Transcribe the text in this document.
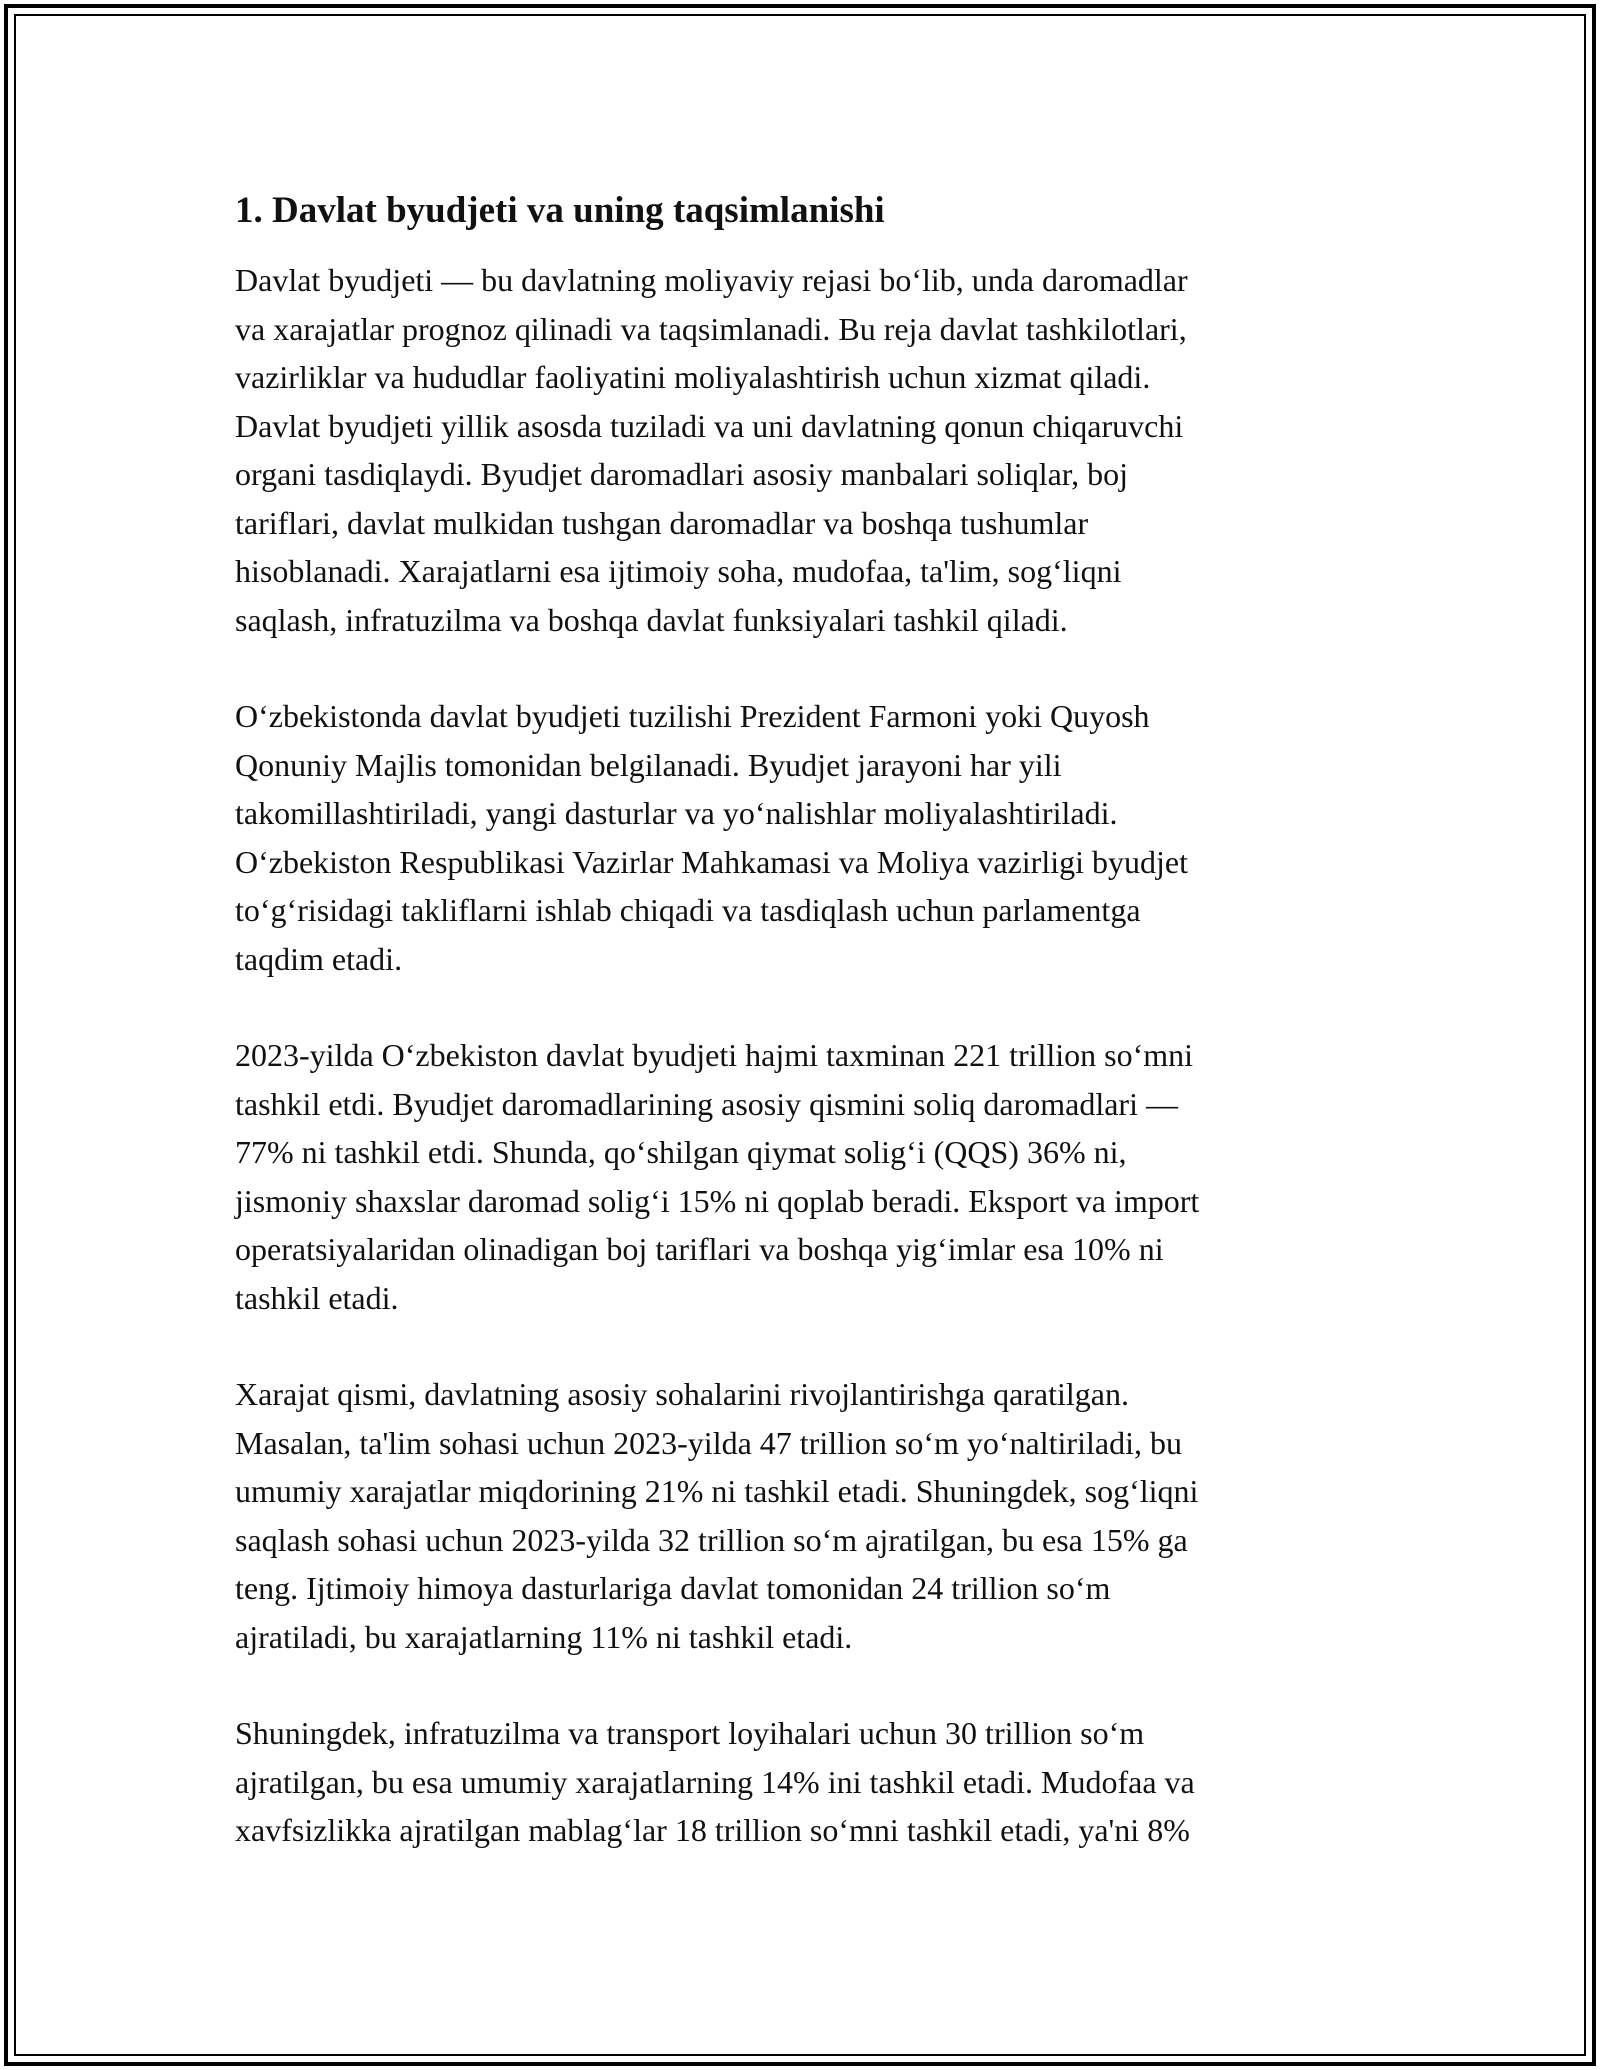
1. Davlat byudjeti va uning taqsimlanishi
Davlat byudjeti — bu davlatning moliyaviy rejasi bo‘lib, unda daromadlar
va xarajatlar prognoz qilinadi va taqsimlanadi. Bu reja davlat tashkilotlari,
vazirliklar va hududlar faoliyatini moliyalashtirish uchun xizmat qiladi.
Davlat byudjeti yillik asosda tuziladi va uni davlatning qonun chiqaruvchi
organi tasdiqlaydi. Byudjet daromadlari asosiy manbalari soliqlar, boj
tariflari, davlat mulkidan tushgan daromadlar va boshqa tushumlar
hisoblanadi. Xarajatlarni esa ijtimoiy soha, mudofaa, ta'lim, sog‘liqni
saqlash, infratuzilma va boshqa davlat funksiyalari tashkil qiladi.
O‘zbekistonda davlat byudjeti tuzilishi Prezident Farmoni yoki Quyosh
Qonuniy Majlis tomonidan belgilanadi. Byudjet jarayoni har yili
takomillashtiriladi, yangi dasturlar va yo‘nalishlar moliyalashtiriladi.
O‘zbekiston Respublikasi Vazirlar Mahkamasi va Moliya vazirligi byudjet
to‘g‘risidagi takliflarni ishlab chiqadi va tasdiqlash uchun parlamentga
taqdim etadi.
2023-yilda O‘zbekiston davlat byudjeti hajmi taxminan 221 trillion so‘mni
tashkil etdi. Byudjet daromadlarining asosiy qismini soliq daromadlari —
77% ni tashkil etdi. Shunda, qo‘shilgan qiymat solig‘i (QQS) 36% ni,
jismoniy shaxslar daromad solig‘i 15% ni qoplab beradi. Eksport va import
operatsiyalaridan olinadigan boj tariflari va boshqa yig‘imlar esa 10% ni
tashkil etadi.
Xarajat qismi, davlatning asosiy sohalarini rivojlantirishga qaratilgan.
Masalan, ta'lim sohasi uchun 2023-yilda 47 trillion so‘m yo‘naltiriladi, bu
umumiy xarajatlar miqdorining 21% ni tashkil etadi. Shuningdek, sog‘liqni
saqlash sohasi uchun 2023-yilda 32 trillion so‘m ajratilgan, bu esa 15% ga
teng. Ijtimoiy himoya dasturlariga davlat tomonidan 24 trillion so‘m
ajratiladi, bu xarajatlarning 11% ni tashkil etadi.
Shuningdek, infratuzilma va transport loyihalari uchun 30 trillion so‘m
ajratilgan, bu esa umumiy xarajatlarning 14% ini tashkil etadi. Mudofaa va
xavfsizlikka ajratilgan mablag‘lar 18 trillion so‘mni tashkil etadi, ya'ni 8%
